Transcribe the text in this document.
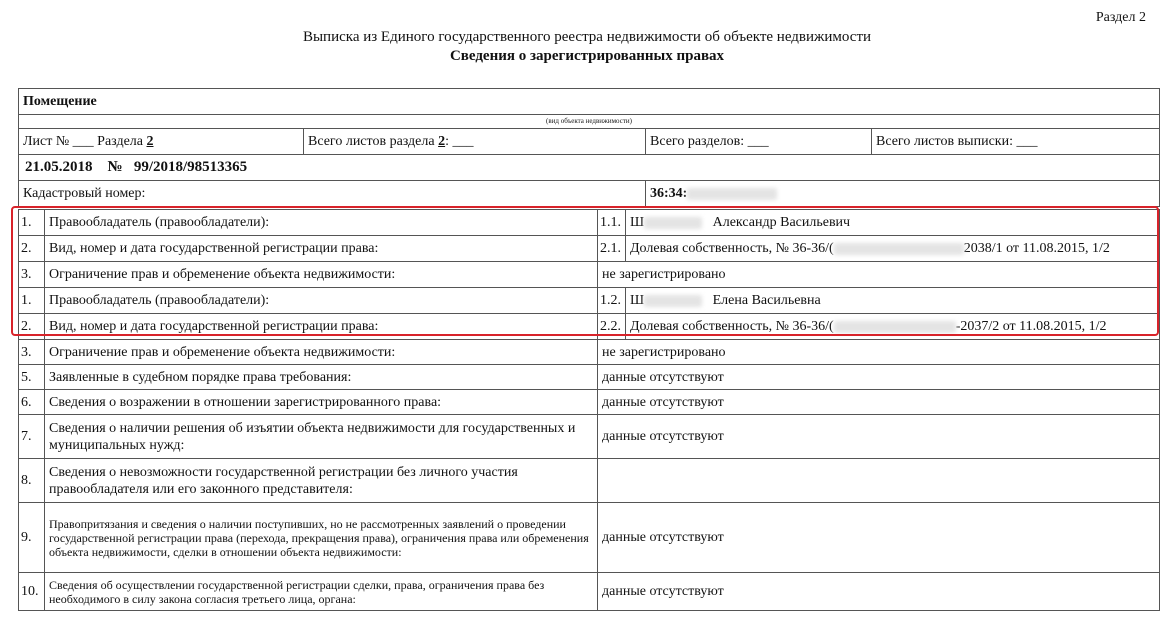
Раздел 2
Выписка из Единого государственного реестра недвижимости об объекте недвижимости
Сведения о зарегистрированных правах
Помещение			
(вид объекта недвижимости)			
Лист № ___ Раздела 2	Всего листов раздела 2: ___	Всего разделов: ___	Всего листов выписки: ___
21.05.2018 № 99/2018/98513365			
Кадастровый номер:		36:34:	
1.	Правообладатель (правообладатели):	1.1.	Ш Александр Васильевич
2.	Вид, номер и дата государственной регистрации права:	2.1.	Долевая собственность, № 36-36/( 2038/1 от 11.08.2015, 1/2
3.	Ограничение прав и обременение объекта недвижимости:	не зарегистрировано	
1.	Правообладатель (правообладатели):	1.2.	Ш Елена Васильевна
2.	Вид, номер и дата государственной регистрации права:	2.2.	Долевая собственность, № 36-36/( -2037/2 от 11.08.2015, 1/2
3.	Ограничение прав и обременение объекта недвижимости:	не зарегистрировано	
5.	Заявленные в судебном порядке права требования:	данные отсутствуют	
6.	Сведения о возражении в отношении зарегистрированного права:	данные отсутствуют	
7.	Сведения о наличии решения об изъятии объекта недвижимости для государственных и муниципальных нужд:	данные отсутствуют	
8.	Сведения о невозможности государственной регистрации без личного участия правообладателя или его законного представителя:		
9.	Правопритязания и сведения о наличии поступивших, но не рассмотренных заявлений о проведении государственной регистрации права (перехода, прекращения права), ограничения права или обременения объекта недвижимости, сделки в отношении объекта недвижимости:	данные отсутствуют	
10.	Сведения об осуществлении государственной регистрации сделки, права, ограничения права без необходимого в силу закона согласия третьего лица, органа:	данные отсутствуют	
